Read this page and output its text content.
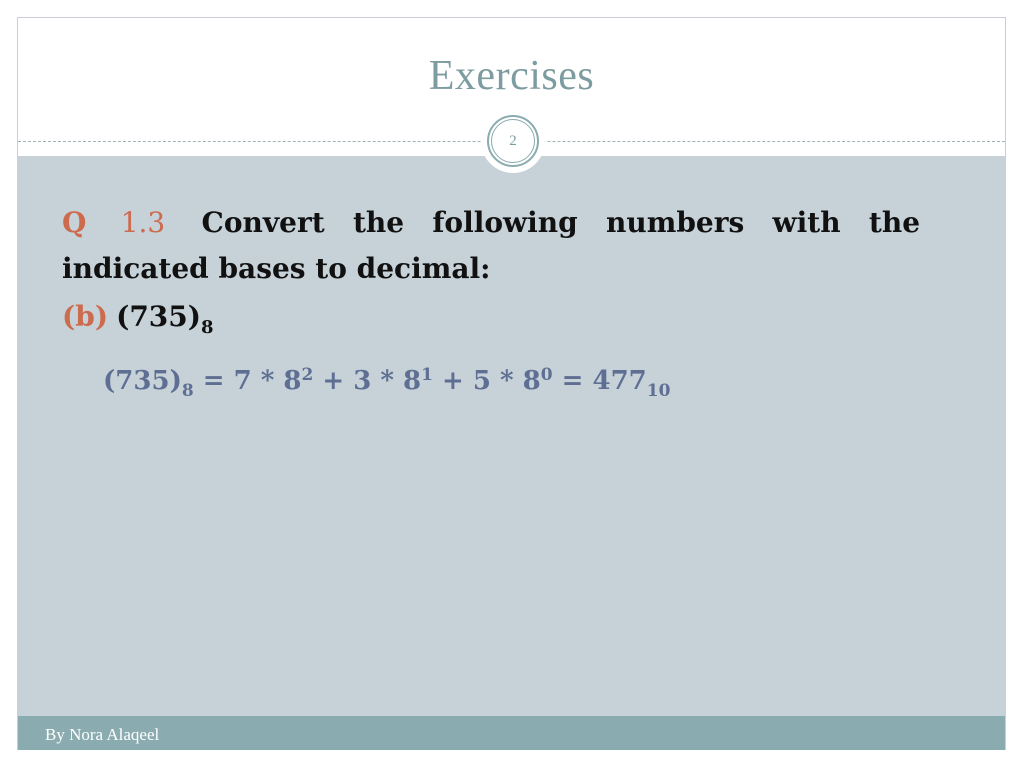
Exercises
2
Q 1.3 Convert the following numbers with the indicated bases to decimal:
(b) $(735)_8$
$(735)_8 = 7 * 8^2 + 3 * 8^1 + 5 * 8^0 = 477_{10}$
By Nora Alaqeel
